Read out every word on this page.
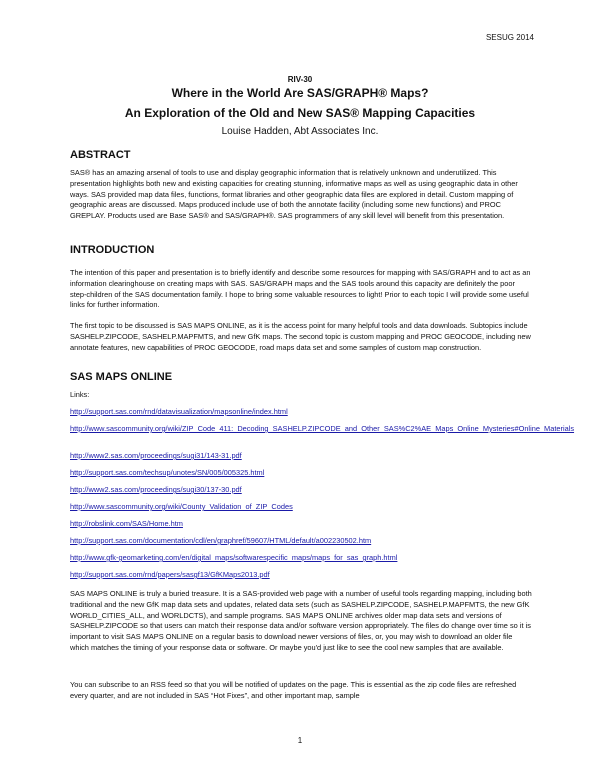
SESUG 2014
RIV-30
Where in the World Are SAS/GRAPH® Maps?
An Exploration of the Old and New SAS® Mapping Capacities
Louise Hadden, Abt Associates Inc.
ABSTRACT
SAS® has an amazing arsenal of tools to use and display geographic information that is relatively unknown and underutilized. This presentation highlights both new and existing capacities for creating stunning, informative maps as well as using geographic data in other ways. SAS provided map data files, functions, format libraries and other geographic data files are explored in detail. Custom mapping of geographic areas are discussed. Maps produced include use of both the annotate facility (including some new functions) and PROC GREPLAY. Products used are Base SAS® and SAS/GRAPH®. SAS programmers of any skill level will benefit from this presentation.
INTRODUCTION
The intention of this paper and presentation is to briefly identify and describe some resources for mapping with SAS/GRAPH and to act as an information clearinghouse on creating maps with SAS. SAS/GRAPH maps and the SAS tools around this capacity are definitely the poor step-children of the SAS documentation family. I hope to bring some valuable resources to light! Prior to each topic I will provide some useful links for further information.
The first topic to be discussed is SAS MAPS ONLINE, as it is the access point for many helpful tools and data downloads. Subtopics include SASHELP.ZIPCODE, SASHELP.MAPFMTS, and new GfK maps. The second topic is custom mapping and PROC GEOCODE, including new annotate features, new capabilities of PROC GEOCODE, road maps data set and some samples of custom map construction.
SAS MAPS ONLINE
Links:
http://support.sas.com/rnd/datavisualization/mapsonline/index.html
http://www.sascommunity.org/wiki/ZIP_Code_411:_Decoding_SASHELP.ZIPCODE_and_Other_SAS%C2%AE_Maps_Online_Mysteries#Online_Materials
http://www2.sas.com/proceedings/sugi31/143-31.pdf
http://support.sas.com/techsup/unotes/SN/005/005325.html
http://www2.sas.com/proceedings/sugi30/137-30.pdf
http://www.sascommunity.org/wiki/County_Validation_of_ZIP_Codes
http://robslink.com/SAS/Home.htm
http://support.sas.com/documentation/cdl/en/graphref/59607/HTML/default/a002230502.htm
http://www.gfk-geomarketing.com/en/digital_maps/softwarespecific_maps/maps_for_sas_graph.html
http://support.sas.com/rnd/papers/sasgf13/GfKMaps2013.pdf
SAS MAPS ONLINE is truly a buried treasure. It is a SAS-provided web page with a number of useful tools regarding mapping, including both traditional and the new GfK map data sets and updates, related data sets (such as SASHELP.ZIPCODE, SASHELP.MAPFMTS, the new GfK WORLD_CITIES_ALL, and WORLDCTS), and sample programs. SAS MAPS ONLINE archives older map data sets and versions of SASHELP.ZIPCODE so that users can match their response data and/or software version appropriately. The files do change over time so it is important to visit SAS MAPS ONLINE on a regular basis to download newer versions of files, or, you may wish to download an older file which matches the timing of your response data or software. Or maybe you'd just like to see the cool new samples that are available.
You can subscribe to an RSS feed so that you will be notified of updates on the page. This is essential as the zip code files are refreshed every quarter, and are not included in SAS “Hot Fixes”, and other important map, sample
1
